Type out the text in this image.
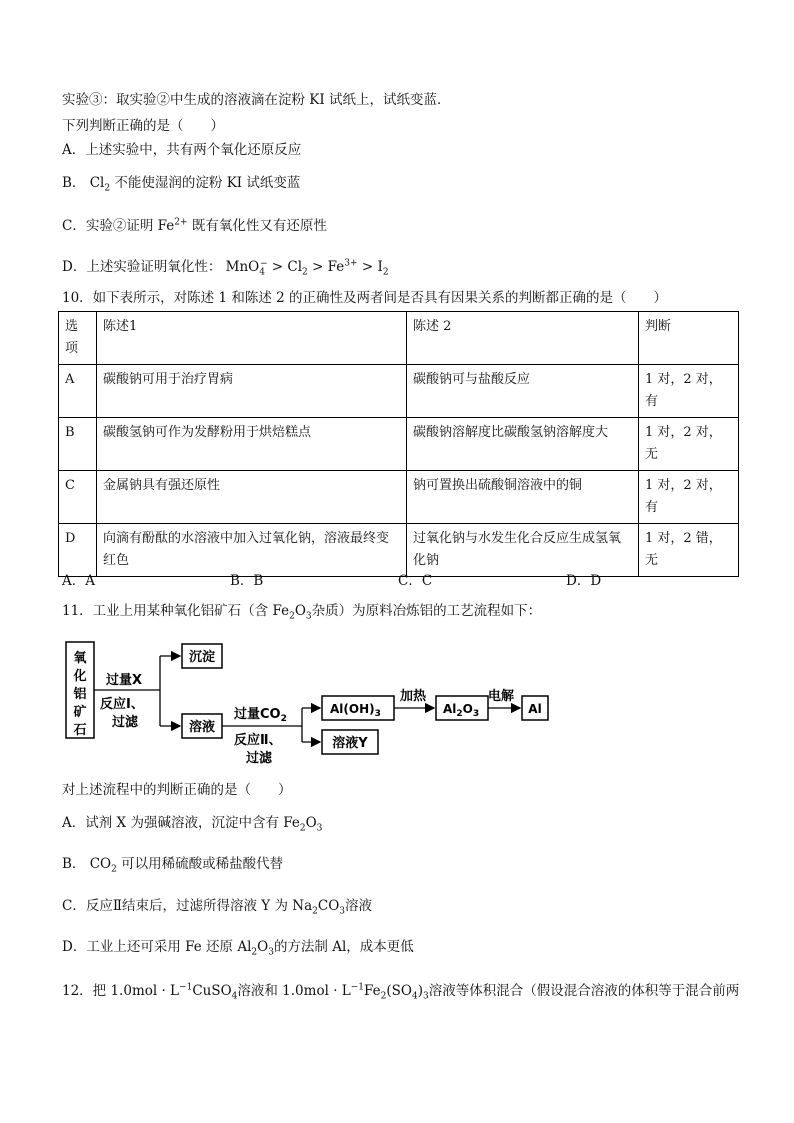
实验③：取实验②中生成的溶液滴在淀粉 KI 试纸上，试纸变蓝．
下列判断正确的是（　　）
A．上述实验中，共有两个氧化还原反应
B． $Cl_2$ 不能使湿润的淀粉 KI 试纸变蓝
C．实验②证明 $Fe^{2+}$ 既有氧化性又有还原性
D．上述实验证明氧化性： $MnO_4^- > Cl_2 > Fe^{3+} > I_2$
10．如下表所示，对陈述 1 和陈述 2 的正确性及两者间是否具有因果关系的判断都正确的是（　　）
选项	陈述1	陈述 2	判断
A	碳酸钠可用于治疗胃病	碳酸钠可与盐酸反应	1 对，2 对，有
B	碳酸氢钠可作为发酵粉用于烘焙糕点	碳酸钠溶解度比碳酸氢钠溶解度大	1 对，2 对，无
C	金属钠具有强还原性	钠可置换出硫酸铜溶液中的铜	1 对，2 对，有
D	向滴有酚酞的水溶液中加入过氧化钠，溶液最终变红色	过氧化钠与水发生化合反应生成氢氧化钠	1 对，2 错，无
A．A	B．B	C．C	D．D
11．工业上用某种氧化铝矿石（含 $Fe_2O_3$杂质）为原料冶炼铝的工艺流程如下：
氧
化
铝
矿
石
过量X
反应Ⅰ、
过滤
沉淀
溶液
过量$CO_2$
反应Ⅱ、
过滤
$Al(OH)_3$
加热
$Al_2O_3$
电解
Al
溶液Y
对上述流程中的判断正确的是（　　）
A．试剂 X 为强碱溶液，沉淀中含有 $Fe_2O_3$
B． $CO_2$ 可以用稀硫酸或稀盐酸代替
C．反应Ⅱ结束后，过滤所得溶液 Y 为 $Na_2CO_3$溶液
D．工业上还可采用 Fe 还原 $Al_2O_3$的方法制 Al，成本更低
12．把 $1.0mol \cdot L^{-1}CuSO_4$溶液和 $1.0mol \cdot L^{-1}Fe_2(SO_4)_3$溶液等体积混合（假设混合溶液的体积等于混合前两
